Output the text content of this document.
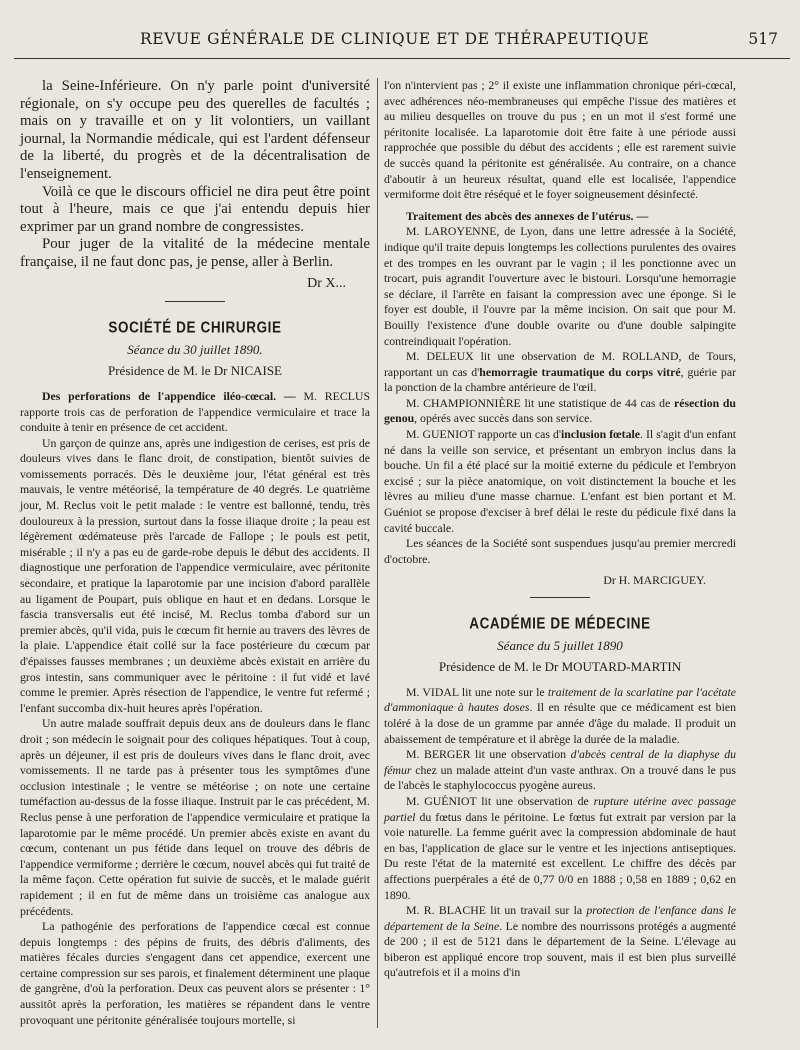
REVUE GÉNÉRALE DE CLINIQUE ET DE THÉRAPEUTIQUE	517

la Seine-Inférieure. On n'y parle point d'université régionale, on s'y occupe peu des querelles de facultés ; mais on y travaille et on y lit volontiers, un vaillant journal, la Normandie médicale, qui est l'ardent défenseur de la liberté, du progrès et de la décentralisation de l'enseignement.

Voilà ce que le discours officiel ne dira peut être point tout à l'heure, mais ce que j'ai entendu depuis hier exprimer par un grand nombre de congressistes.

Pour juger de la vitalité de la médecine mentale française, il ne faut donc pas, je pense, aller à Berlin.

Dr X...
SOCIÉTÉ DE CHIRURGIE
Séance du 30 juillet 1890.
Présidence de M. le Dr NICAISE

Des perforations de l'appendice iléo-cœcal. — M. RECLUS rapporte trois cas de perforation de l'appendice vermiculaire et trace la conduite à tenir en présence de cet accident.

Un garçon de quinze ans, après une indigestion de cerises, est pris de douleurs vives dans le flanc droit, de constipation, bientôt suivies de vomissements porracés. Dès le deuxième jour, l'état général est très mauvais, le ventre météorisé, la température de 40 degrés. Le quatrième jour, M. Reclus voit le petit malade : le ventre est ballonné, tendu, très douloureux à la pression, surtout dans la fosse iliaque droite ; la peau est légèrement œdémateuse près l'arcade de Fallope ; le pouls est petit, misérable ; il n'y a pas eu de garde-robe depuis le début des accidents. Il diagnostique une perforation de l'appendice vermiculaire, avec péritonite secondaire, et pratique la laparotomie par une incision d'abord parallèle au ligament de Poupart, puis oblique en haut et en dedans. Lorsque le fascia transversalis eut été incisé, M. Reclus tomba d'abord sur un premier abcès, qu'il vida, puis le cœcum fit hernie au travers des lèvres de la plaie. L'appendice était collé sur la face postérieure du cœcum par d'épaisses fausses membranes ; un deuxième abcès existait en arrière du gros intestin, sans communiquer avec le péritoine : il fut vidé et lavé comme le premier. Après résection de l'appendice, le ventre fut refermé ; l'enfant succomba dix-huit heures après l'opération.

Un autre malade souffrait depuis deux ans de douleurs dans le flanc droit ; son médecin le soignait pour des coliques hépatiques. Tout à coup, après un déjeuner, il est pris de douleurs vives dans le flanc droit, avec vomissements. Il ne tarde pas à présenter tous les symptômes d'une occlusion intestinale ; le ventre se météorise ; on note une certaine tuméfaction au-dessus de la fosse iliaque. Instruit par le cas précédent, M. Reclus pense à une perforation de l'appendice vermiculaire et pratique la laparotomie par le même procédé. Un premier abcès existe en avant du cœcum, contenant un pus fétide dans lequel on trouve des débris de l'appendice vermiforme ; derrière le cœcum, nouvel abcès qui fut traité de la même façon. Cette opération fut suivie de succès, et le malade guérit rapidement ; il en fut de même dans un troisième cas analogue aux précédents.

La pathogénie des perforations de l'appendice cœcal est connue depuis longtemps : des pépins de fruits, des débris d'aliments, des matières fécales durcies s'engagent dans cet appendice, exercent une certaine compression sur ses parois, et finalement déterminent une plaque de gangrène, d'où la perforation. Deux cas peuvent alors se présenter : 1° aussitôt après la perforation, les matières se répandent dans le ventre provoquant une péritonite généralisée toujours mortelle, si

l'on n'intervient pas ; 2° il existe une inflammation chronique péri-cœcal, avec adhérences néo-membraneuses qui empêche l'issue des matières et au milieu desquelles on trouve du pus ; en un mot il s'est formé une péritonite localisée. La laparotomie doit être faite à une période aussi rapprochée que possible du début des accidents ; elle est rarement suivie de succès quand la péritonite est généralisée. Au contraire, on a chance d'aboutir à un heureux résultat, quand elle est localisée, l'appendice vermiforme doit être réséqué et le foyer soigneusement désinfecté.

Traitement des abcès des annexes de l'utérus. —

M. LAROYENNE, de Lyon, dans une lettre adressée à la Société, indique qu'il traite depuis longtemps les collections purulentes des ovaires et des trompes en les ouvrant par le vagin ; il les ponctionne avec un trocart, puis agrandit l'ouverture avec le bistouri. Lorsqu'une hemorragie se déclare, il l'arrête en faisant la compression avec une éponge. Si le foyer est double, il l'ouvre par la même incision. On sait que pour M. Bouilly l'existence d'une double ovarite ou d'une double salpingite contreindiquait l'opération.

M. DELEUX lit une observation de M. ROLLAND, de Tours, rapportant un cas d'hemorragie traumatique du corps vitré, guérie par la ponction de la chambre antérieure de l'œil.

M. CHAMPIONNIÈRE lit une statistique de 44 cas de résection du genou, opérés avec succès dans son service.

M. GUENIOT rapporte un cas d'inclusion fœtale. Il s'agit d'un enfant né dans la veille son service, et présentant un embryon inclus dans la bouche. Un fil a été placé sur la moitié externe du pédicule et l'embryon excisé ; sur la pièce anatomique, on voit distinctement la bouche et les lèvres au milieu d'une masse charnue. L'enfant est bien portant et M. Guéniot se propose d'exciser à bref délai le reste du pédicule fixé dans la cavité buccale.

Les séances de la Société sont suspendues jusqu'au premier mercredi d'octobre.

Dr H. MARCIGUEY.
ACADÉMIE DE MÉDECINE
Séance du 5 juillet 1890
Présidence de M. le Dr MOUTARD-MARTIN

M. VIDAL lit une note sur le traitement de la scarlatine par l'acétate d'ammoniaque à hautes doses. Il en résulte que ce médicament est bien toléré à la dose de un gramme par année d'âge du malade. Il produit un abaissement de température et il abrège la durée de la maladie.

M. BERGER lit une observation d'abcès central de la diaphyse du fémur chez un malade atteint d'un vaste anthrax. On a trouvé dans le pus de l'abcès le staphylococcus pyogène aureus.

M. GUÉNIOT lit une observation de rupture utérine avec passage partiel du fœtus dans le péritoine. Le fœtus fut extrait par version par la voie naturelle. La femme guérit avec la compression abdominale de haut en bas, l'application de glace sur le ventre et les injections antiseptiques. Du reste l'état de la maternité est excellent. Le chiffre des décès par affections puerpérales a été de 0,77 0/0 en 1888 ; 0,58 en 1889 ; 0,62 en 1890.

M. R. BLACHE lit un travail sur la protection de l'enfance dans le département de la Seine. Le nombre des nourrissons protégés a augmenté de 200 ; il est de 5121 dans le département de la Seine. L'élevage au biberon est appliqué encore trop souvent, mais il est bien plus surveillé qu'autrefois et il a moins d'in
